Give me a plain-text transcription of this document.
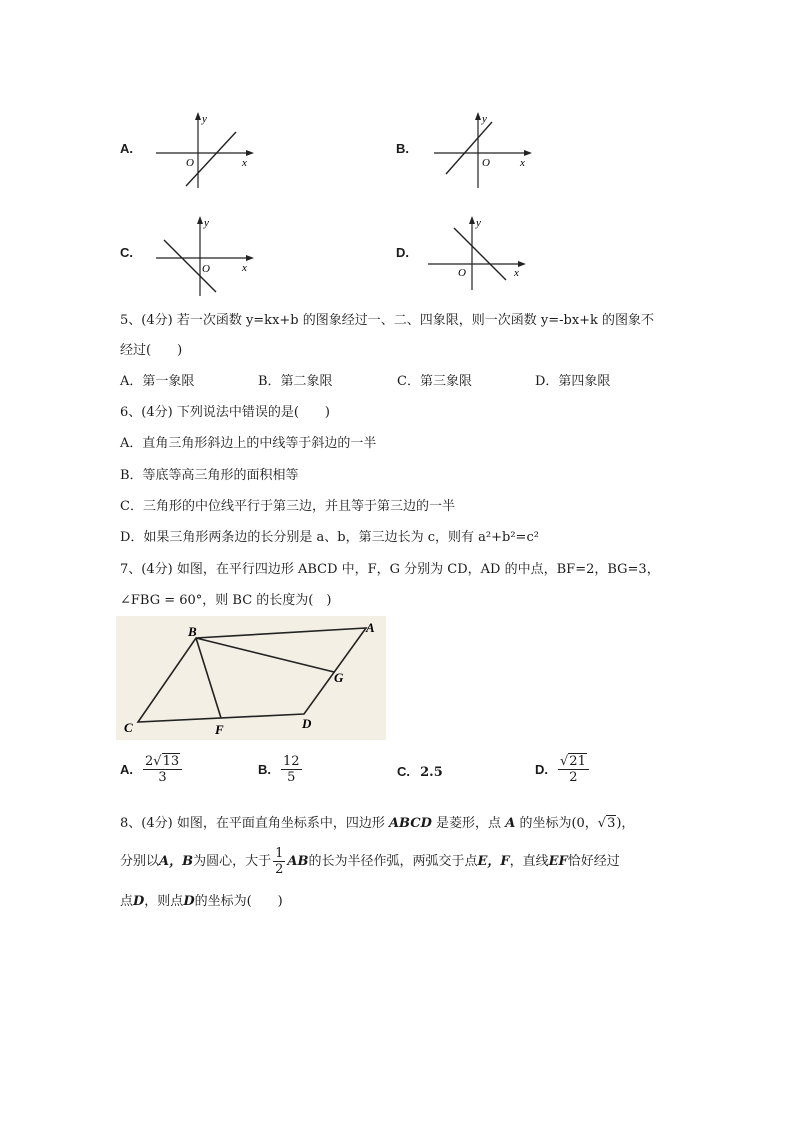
A.
y
x
O
B.
y
x
O
C.
y
x
O
D.
y
x
O
5、(4分) 若一次函数 y=kx+b 的图象经过一、二、四象限，则一次函数 y=-bx+k 的图象不
经过(　　)
A．第一象限	B．第二象限	C．第三象限	D．第四象限
6、(4分) 下列说法中错误的是(　　)
A．直角三角形斜边上的中线等于斜边的一半
B．等底等高三角形的面积相等
C．三角形的中位线平行于第三边，并且等于第三边的一半
D．如果三角形两条边的长分别是 a、b，第三边长为 c，则有 a²+b²=c²
7、(4分) 如图，在平行四边形 ABCD 中，F，G 分别为 CD，AD 的中点，BF=2，BG=3，
∠FBG = 60°，则 BC 的长度为(　)
B	A
G
C	F	D
A. $\frac{2√13}{3}$	B. $\frac{12}{5}$	C. 2.5	D. $\frac{√21}{2}$
8、(4分) 如图，在平面直角坐标系中，四边形 ABCD 是菱形，点 A 的坐标为(0，√3)，
分别以 A，B 为圆心，大于 $\frac{1}{2}$ AB 的长为半径作弧，两弧交于点 E，F ，直线 EF 恰好经过
点D，则点D的坐标为(　　)
